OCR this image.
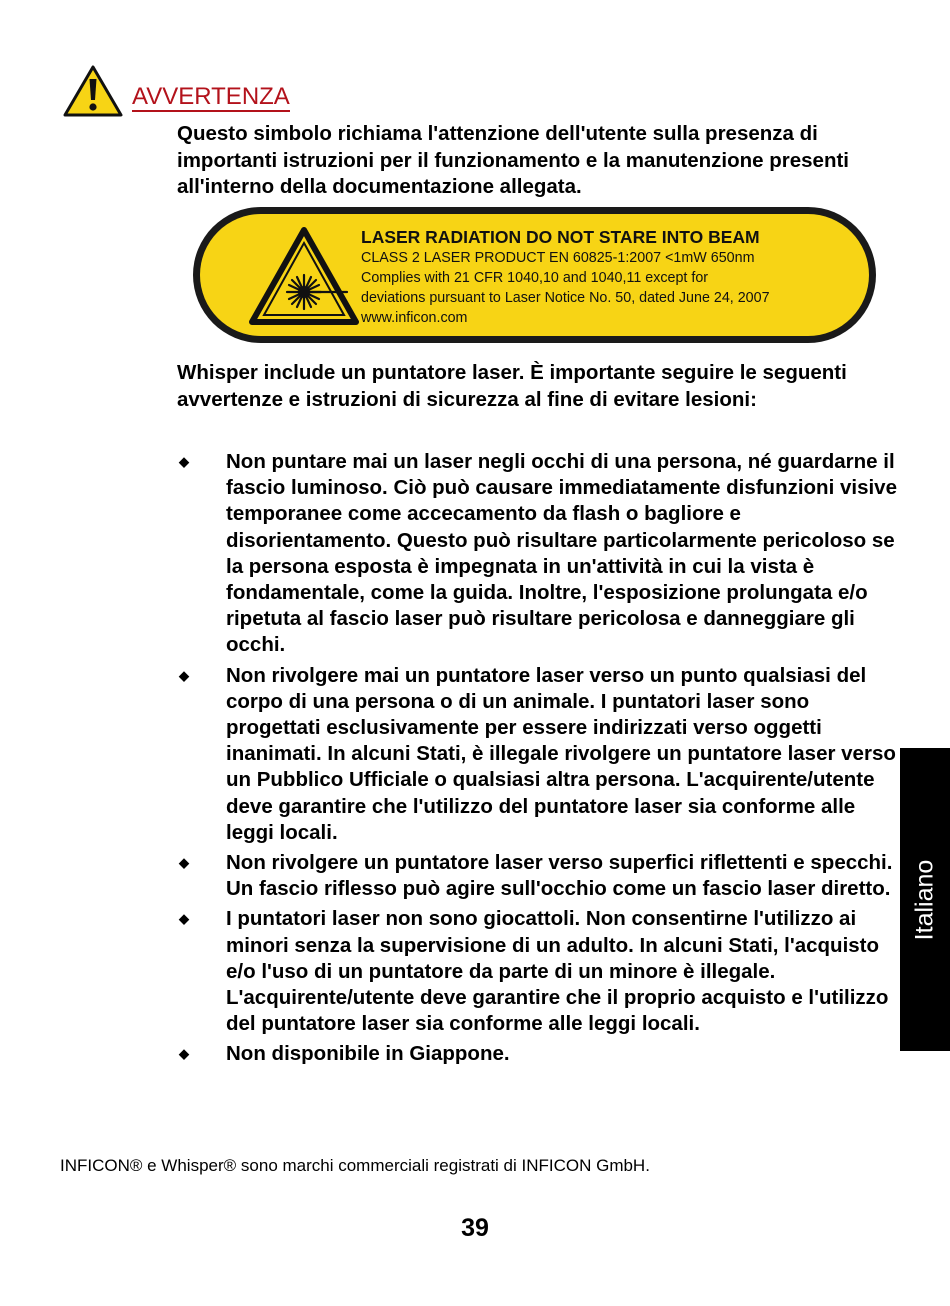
AVVERTENZA
Questo simbolo richiama l'attenzione dell'utente sulla presenza di importanti istruzioni per il funzionamento e la manutenzione presenti all'interno della documentazione allegata.
LASER RADIATION DO NOT STARE INTO BEAM
CLASS 2 LASER PRODUCT EN 60825-1:2007 <1mW 650nm
Complies with 21 CFR 1040,10 and 1040,11 except for
deviations pursuant to Laser Notice No. 50, dated June 24, 2007
www.inficon.com
Whisper include un puntatore laser. È importante seguire le seguenti avvertenze e istruzioni di sicurezza al fine di evitare lesioni:
◆ Non puntare mai un laser negli occhi di una persona, né guardarne il fascio luminoso. Ciò può causare immediatamente disfunzioni visive temporanee come accecamento da flash o bagliore e disorientamento. Questo può risultare particolarmente pericoloso se la persona esposta è impegnata in un'attività in cui la vista è fondamentale, come la guida. Inoltre, l'esposizione prolungata e/o ripetuta al fascio laser può risultare pericolosa e danneggiare gli occhi.
◆ Non rivolgere mai un puntatore laser verso un punto qualsiasi del corpo di una persona o di un animale. I puntatori laser sono progettati esclusivamente per essere indirizzati verso oggetti inanimati. In alcuni Stati, è illegale rivolgere un puntatore laser verso un Pubblico Ufficiale o qualsiasi altra persona. L'acquirente/utente deve garantire che l'utilizzo del puntatore laser sia conforme alle leggi locali.
◆ Non rivolgere un puntatore laser verso superfici riflettenti e specchi. Un fascio riflesso può agire sull'occhio come un fascio laser diretto.
◆ I puntatori laser non sono giocattoli. Non consentirne l'utilizzo ai minori senza la supervisione di un adulto. In alcuni Stati, l'acquisto e/o l'uso di un puntatore da parte di un minore è illegale. L'acquirente/utente deve garantire che il proprio acquisto e l'utilizzo del puntatore laser sia conforme alle leggi locali.
◆ Non disponibile in Giappone.
Italiano
INFICON® e Whisper® sono marchi commerciali registrati di INFICON GmbH.
39
